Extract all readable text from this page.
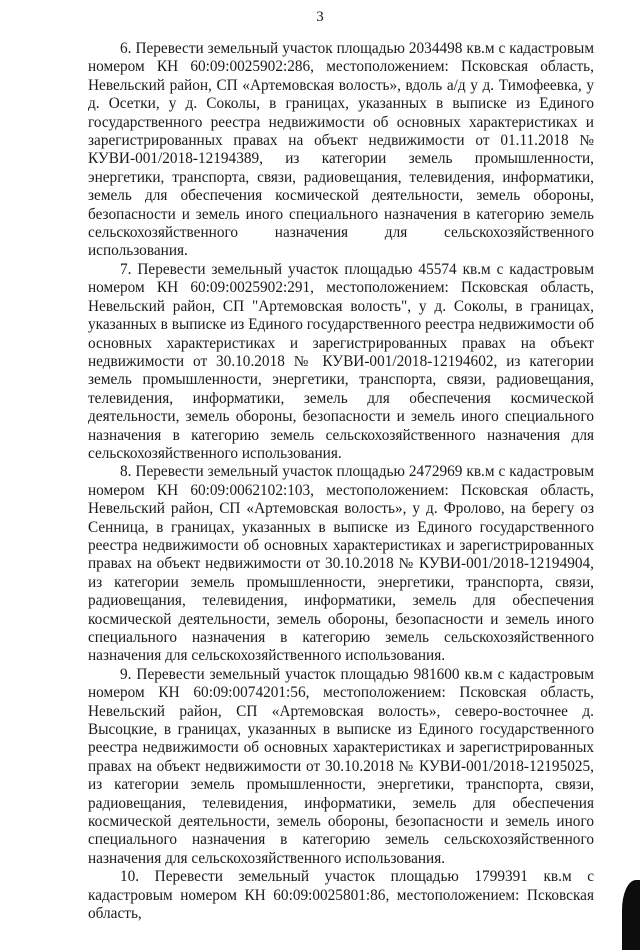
3

6. Перевести земельный участок площадью 2034498 кв.м с кадастровым номером КН 60:09:0025902:286, местоположением: Псковская область, Невельский район, СП «Артемовская волость», вдоль а/д у д. Тимофеевка, у д. Осетки, у д. Соколы, в границах, указанных в выписке из Единого государственного реестра недвижимости об основных характеристиках и зарегистрированных правах на объект недвижимости от 01.11.2018 № КУВИ-001/2018-12194389, из категории земель промышленности, энергетики, транспорта, связи, радиовещания, телевидения, информатики, земель для обеспечения космической деятельности, земель обороны, безопасности и земель иного специального назначения в категорию земель сельскохозяйственного назначения для сельскохозяйственного использования.

7. Перевести земельный участок площадью 45574 кв.м с кадастровым номером КН 60:09:0025902:291, местоположением: Псковская область, Невельский район, СП "Артемовская волость", у д. Соколы, в границах, указанных в выписке из Единого государственного реестра недвижимости об основных характеристиках и зарегистрированных правах на объект недвижимости от 30.10.2018 № КУВИ-001/2018-12194602, из категории земель промышленности, энергетики, транспорта, связи, радиовещания, телевидения, информатики, земель для обеспечения космической деятельности, земель обороны, безопасности и земель иного специального назначения в категорию земель сельскохозяйственного назначения для сельскохозяйственного использования.

8. Перевести земельный участок площадью 2472969 кв.м с кадастровым номером КН 60:09:0062102:103, местоположением: Псковская область, Невельский район, СП «Артемовская волость», у д. Фролово, на берегу оз Сенница, в границах, указанных в выписке из Единого государственного реестра недвижимости об основных характеристиках и зарегистрированных правах на объект недвижимости от 30.10.2018 № КУВИ-001/2018-12194904, из категории земель промышленности, энергетики, транспорта, связи, радиовещания, телевидения, информатики, земель для обеспечения космической деятельности, земель обороны, безопасности и земель иного специального назначения в категорию земель сельскохозяйственного назначения для сельскохозяйственного использования.

9. Перевести земельный участок площадью 981600 кв.м с кадастровым номером КН 60:09:0074201:56, местоположением: Псковская область, Невельский район, СП «Артемовская волость», северо-восточнее д. Высоцкие, в границах, указанных в выписке из Единого государственного реестра недвижимости об основных характеристиках и зарегистрированных правах на объект недвижимости от 30.10.2018 № КУВИ-001/2018-12195025, из категории земель промышленности, энергетики, транспорта, связи, радиовещания, телевидения, информатики, земель для обеспечения космической деятельности, земель обороны, безопасности и земель иного специального назначения в категорию земель сельскохозяйственного назначения для сельскохозяйственного использования.

10. Перевести земельный участок площадью 1799391 кв.м с кадастровым номером КН 60:09:0025801:86, местоположением: Псковская область,
